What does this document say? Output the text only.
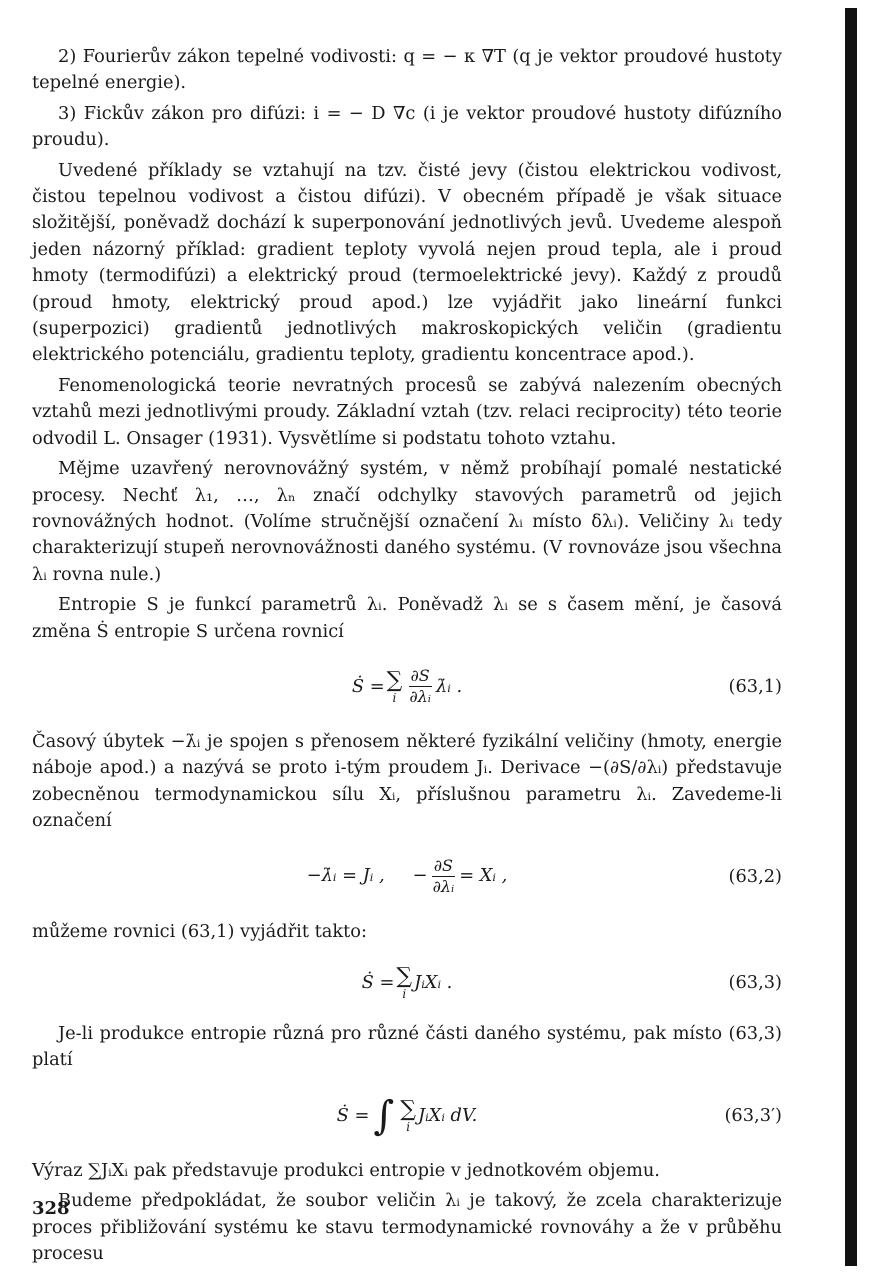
2) Fourierův zákon tepelné vodivosti: q = − κ ∇T (q je vektor proudové hustoty tepelné energie).

3) Fickův zákon pro difúzi: i = − D ∇c (i je vektor proudové hustoty difúzního proudu).

Uvedené příklady se vztahují na tzv. čisté jevy (čistou elektrickou vodivost, čistou tepelnou vodivost a čistou difúzi). V obecném případě je však situace složitější, poněvadž dochází k superponování jednotlivých jevů. Uvedeme alespoň jeden názorný příklad: gradient teploty vyvolá nejen proud tepla, ale i proud hmoty (termodifúzi) a elektrický proud (termoelektrické jevy). Každý z proudů (proud hmoty, elektrický proud apod.) lze vyjádřit jako lineární funkci (superpozici) gradientů jednotlivých makroskopických veličin (gradientu elektrického potenciálu, gradientu teploty, gradientu koncentrace apod.).

Fenomenologická teorie nevratných procesů se zabývá nalezením obecných vztahů mezi jednotlivými proudy. Základní vztah (tzv. relaci reciprocity) této teorie odvodil L. Onsager (1931). Vysvětlíme si podstatu tohoto vztahu.

Mějme uzavřený nerovnovážný systém, v němž probíhají pomalé nestatické procesy. Nechť λ₁, …, λₙ značí odchylky stavových parametrů od jejich rovnovážných hodnot. (Volíme stručnější označení λᵢ místo δλᵢ). Veličiny λᵢ tedy charakterizují stupeň nerovnovážnosti daného systému. (V rovnováze jsou všechna λᵢ rovna nule.)

Entropie S je funkcí parametrů λᵢ. Poněvadž λᵢ se s časem mění, je časová změna Ṡ entropie S určena rovnicí

Ṡ = ∑
i $\frac{\partial S}{\text{∂λᵢ}}$ λ̇ᵢ .	(63,1)

Časový úbytek −λ̇ᵢ je spojen s přenosem některé fyzikální veličiny (hmoty, energie náboje apod.) a nazývá se proto i-tým proudem Jᵢ. Derivace −(∂S/∂λᵢ) představuje zobecněnou termodynamickou sílu Xᵢ, příslušnou parametru λᵢ. Zavedeme-li označení

−λ̇ᵢ = Jᵢ , − $\frac{\partial S}{\text{∂λᵢ}}$ = Xᵢ ,	(63,2)

můžeme rovnici (63,1) vyjádřit takto:

Ṡ = ∑
i
JᵢXᵢ .	(63,3)

Je-li produkce entropie různá pro různé části daného systému, pak místo (63,3) platí

Ṡ = ∫ ∑
i
JᵢXᵢ dV.	(63,3′)

Výraz ∑JᵢXᵢ pak představuje produkci entropie v jednotkovém objemu.

Budeme předpokládat, že soubor veličin λᵢ je takový, že zcela charakterizuje proces přibližování systému ke stavu termodynamické rovnováhy a že v průběhu procesu

328
